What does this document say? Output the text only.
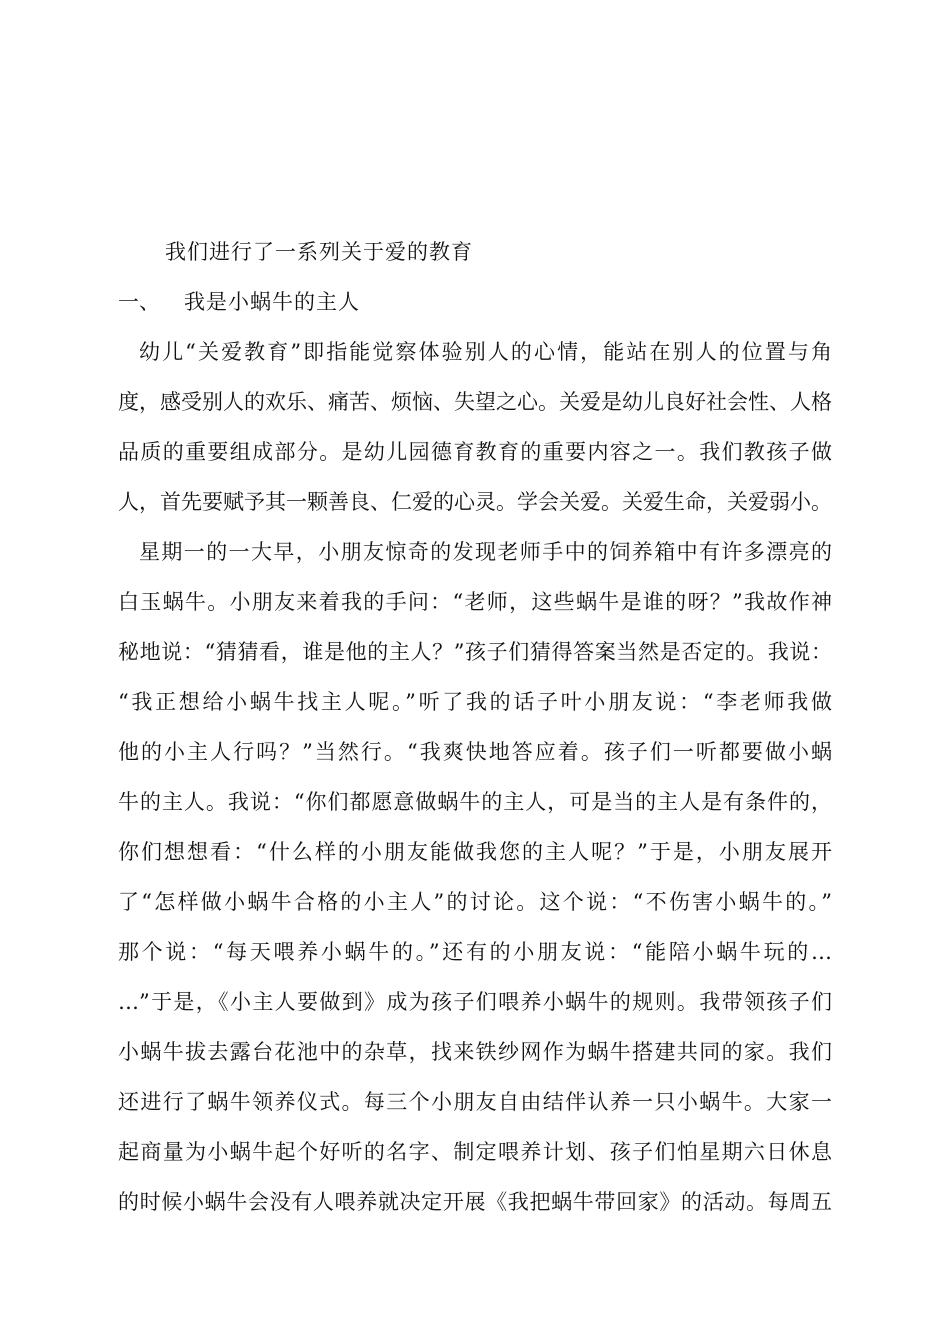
我们进行了一系列关于爱的教育
一、 我是小蜗牛的主人
幼儿“关爱教育”即指能觉察体验别人的心情，能站在别人的位置与角
度，感受别人的欢乐、痛苦、烦恼、失望之心。关爱是幼儿良好社会性、人格
品质的重要组成部分。是幼儿园德育教育的重要内容之一。我们教孩子做
人，首先要赋予其一颗善良、仁爱的心灵。学会关爱。关爱生命，关爱弱小。
星期一的一大早，小朋友惊奇的发现老师手中的饲养箱中有许多漂亮的
白玉蜗牛。小朋友来着我的手问：“老师，这些蜗牛是谁的呀？”我故作神
秘地说：“猜猜看，谁是他的主人？”孩子们猜得答案当然是否定的。我说：
“我正想给小蜗牛找主人呢。”听了我的话子叶小朋友说：“李老师我做
他的小主人行吗？”当然行。“我爽快地答应着。孩子们一听都要做小蜗
牛的主人。我说：“你们都愿意做蜗牛的主人，可是当的主人是有条件的，
你们想想看：“什么样的小朋友能做我您的主人呢？”于是，小朋友展开
了“怎样做小蜗牛合格的小主人”的讨论。这个说：“不伤害小蜗牛的。”
那个说：“每天喂养小蜗牛的。”还有的小朋友说：“能陪小蜗牛玩的…
…”于是，《小主人要做到》成为孩子们喂养小蜗牛的规则。我带领孩子们
小蜗牛拔去露台花池中的杂草，找来铁纱网作为蜗牛搭建共同的家。我们
还进行了蜗牛领养仪式。每三个小朋友自由结伴认养一只小蜗牛。大家一
起商量为小蜗牛起个好听的名字、制定喂养计划、孩子们怕星期六日休息
的时候小蜗牛会没有人喂养就决定开展《我把蜗牛带回家》的活动。每周五
